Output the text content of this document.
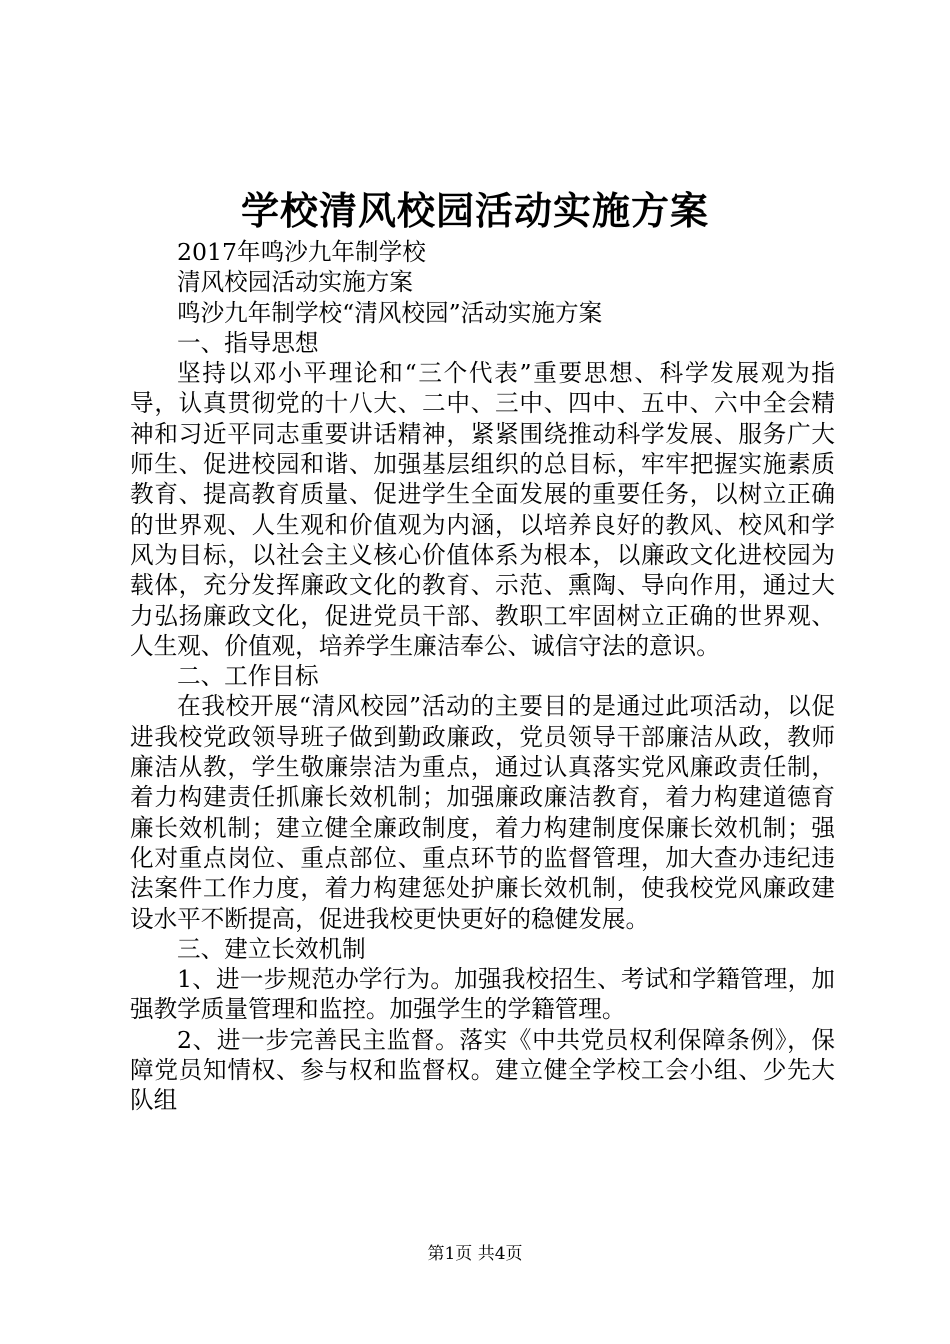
学校清风校园活动实施方案

2017年鸣沙九年制学校

清风校园活动实施方案

鸣沙九年制学校“清风校园”活动实施方案

一、指导思想

坚持以邓小平理论和“三个代表”重要思想、科学发展观为指导，认真贯彻党的十八大、二中、三中、四中、五中、六中全会精神和习近平同志重要讲话精神，紧紧围绕推动科学发展、服务广大师生、促进校园和谐、加强基层组织的总目标，牢牢把握实施素质教育、提高教育质量、促进学生全面发展的重要任务，以树立正确的世界观、人生观和价值观为内涵，以培养良好的教风、校风和学风为目标，以社会主义核心价值体系为根本，以廉政文化进校园为载体，充分发挥廉政文化的教育、示范、熏陶、导向作用，通过大力弘扬廉政文化，促进党员干部、教职工牢固树立正确的世界观、人生观、价值观，培养学生廉洁奉公、诚信守法的意识。

二、工作目标

在我校开展“清风校园”活动的主要目的是通过此项活动，以促进我校党政领导班子做到勤政廉政，党员领导干部廉洁从政，教师廉洁从教，学生敬廉崇洁为重点，通过认真落实党风廉政责任制，着力构建责任抓廉长效机制；加强廉政廉洁教育，着力构建道德育廉长效机制；建立健全廉政制度，着力构建制度保廉长效机制；强化对重点岗位、重点部位、重点环节的监督管理，加大查办违纪违法案件工作力度，着力构建惩处护廉长效机制，使我校党风廉政建设水平不断提高，促进我校更快更好的稳健发展。

三、建立长效机制

1、进一步规范办学行为。加强我校招生、考试和学籍管理，加强教学质量管理和监控。加强学生的学籍管理。

2、进一步完善民主监督。落实《中共党员权利保障条例》，保障党员知情权、参与权和监督权。建立健全学校工会小组、少先大队组

第1页 共4页
